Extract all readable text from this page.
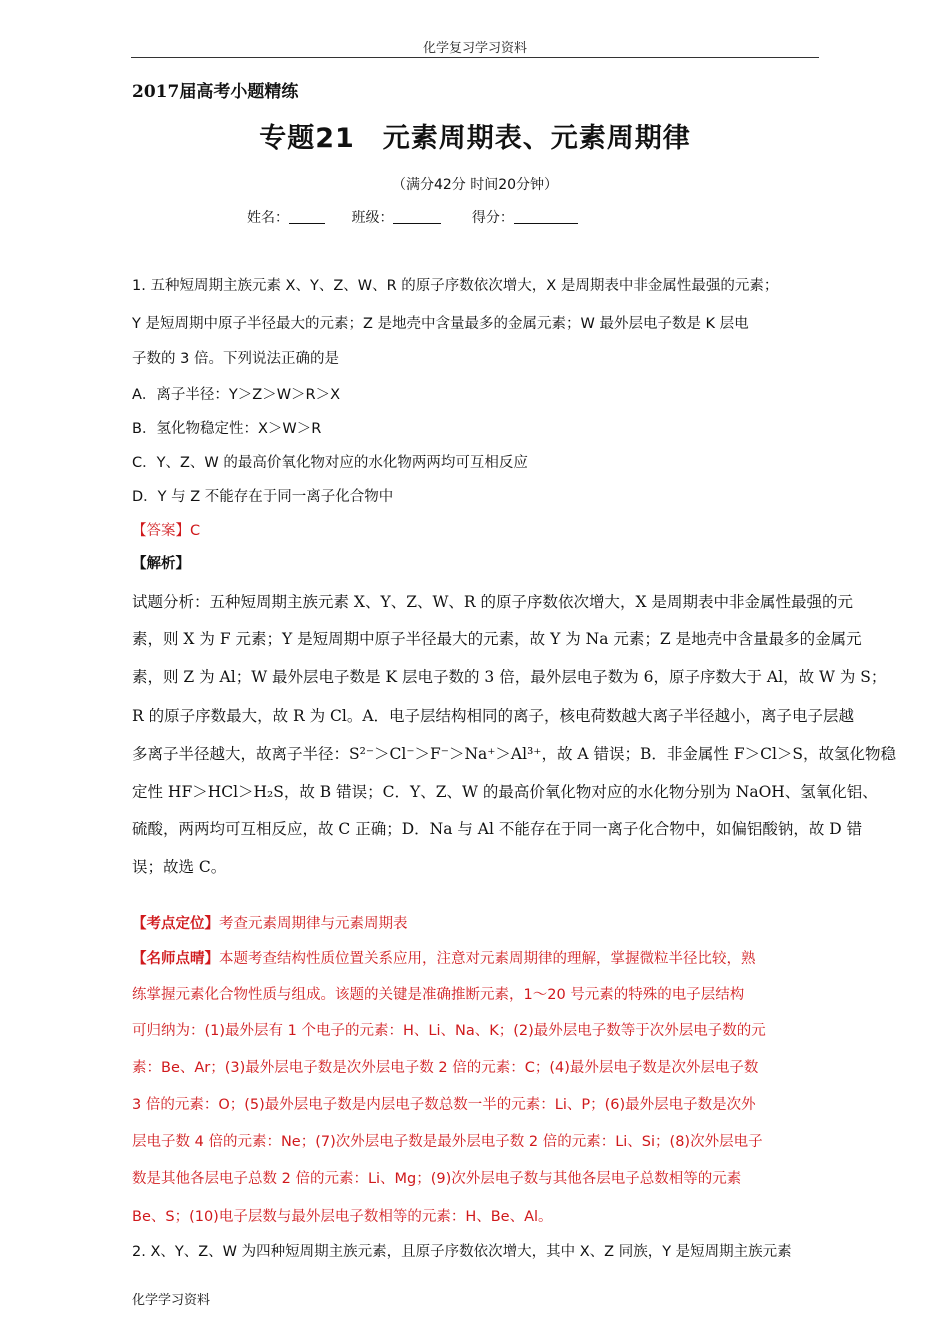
化学复习学习资料
2017届高考小题精练
专题21　元素周期表、元素周期律
（满分42分 时间20分钟）
姓名：	班级：	得分：
1. 五种短周期主族元素 X、Y、Z、W、R 的原子序数依次增大，X 是周期表中非金属性最强的元素；
Y 是短周期中原子半径最大的元素；Z 是地壳中含量最多的金属元素；W 最外层电子数是 K 层电
子数的 3 倍。下列说法正确的是
A．离子半径：Y＞Z＞W＞R＞X
B．氢化物稳定性：X＞W＞R
C．Y、Z、W 的最高价氧化物对应的水化物两两均可互相反应
D．Y 与 Z 不能存在于同一离子化合物中
【答案】C
【解析】
试题分析：五种短周期主族元素 X、Y、Z、W、R 的原子序数依次增大，X 是周期表中非金属性最强的元
素，则 X 为 F 元素；Y 是短周期中原子半径最大的元素，故 Y 为 Na 元素；Z 是地壳中含量最多的金属元
素，则 Z 为 Al；W 最外层电子数是 K 层电子数的 3 倍，最外层电子数为 6，原子序数大于 Al，故 W 为 S；
R 的原子序数最大，故 R 为 Cl。A．电子层结构相同的离子，核电荷数越大离子半径越小，离子电子层越
多离子半径越大，故离子半径：S²⁻＞Cl⁻＞F⁻＞Na⁺＞Al³⁺，故 A 错误；B．非金属性 F＞Cl＞S，故氢化物稳
定性 HF＞HCl＞H₂S，故 B 错误；C．Y、Z、W 的最高价氧化物对应的水化物分别为 NaOH、氢氧化铝、
硫酸，两两均可互相反应，故 C 正确；D．Na 与 Al 不能存在于同一离子化合物中，如偏铝酸钠，故 D 错
误；故选 C。
【考点定位】考查元素周期律与元素周期表
【名师点晴】本题考查结构性质位置关系应用，注意对元素周期律的理解，掌握微粒半径比较，熟
练掌握元素化合物性质与组成。该题的关键是准确推断元素，1～20 号元素的特殊的电子层结构
可归纳为：(1)最外层有 1 个电子的元素：H、Li、Na、K；(2)最外层电子数等于次外层电子数的元
素：Be、Ar；(3)最外层电子数是次外层电子数 2 倍的元素：C；(4)最外层电子数是次外层电子数
3 倍的元素：O；(5)最外层电子数是内层电子数总数一半的元素：Li、P；(6)最外层电子数是次外
层电子数 4 倍的元素：Ne；(7)次外层电子数是最外层电子数 2 倍的元素：Li、Si；(8)次外层电子
数是其他各层电子总数 2 倍的元素：Li、Mg；(9)次外层电子数与其他各层电子总数相等的元素
Be、S；(10)电子层数与最外层电子数相等的元素：H、Be、Al。
2. X、Y、Z、W 为四种短周期主族元素，且原子序数依次增大，其中 X、Z 同族，Y 是短周期主族元素
化学学习资料
